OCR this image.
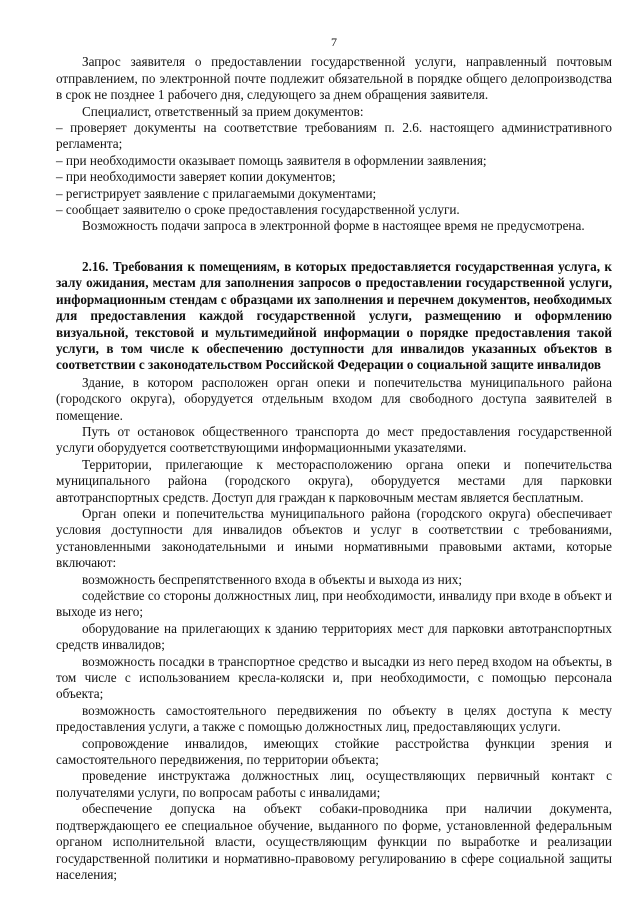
7

Запрос заявителя о предоставлении государственной услуги, направленный почтовым отправлением, по электронной почте подлежит обязательной в порядке общего делопроизводства в срок не позднее 1 рабочего дня, следующего за днем обращения заявителя.

Специалист, ответственный за прием документов:

– проверяет документы на соответствие требованиям п. 2.6. настоящего административного регламента;

– при необходимости оказывает помощь заявителя в оформлении заявления;

– при необходимости заверяет копии документов;

– регистрирует заявление с прилагаемыми документами;

– сообщает заявителю о сроке предоставления государственной услуги.

Возможность подачи запроса в электронной форме в настоящее время не предусмотрена.

2.16. Требования к помещениям, в которых предоставляется государственная услуга, к залу ожидания, местам для заполнения запросов о предоставлении государственной услуги, информационным стендам с образцами их заполнения и перечнем документов, необходимых для предоставления каждой государственной услуги, размещению и оформлению визуальной, текстовой и мультимедийной информации о порядке предоставления такой услуги, в том числе к обеспечению доступности для инвалидов указанных объектов в соответствии с законодательством Российской Федерации о социальной защите инвалидов

Здание, в котором расположен орган опеки и попечительства муниципального района (городского округа), оборудуется отдельным входом для свободного доступа заявителей в помещение.

Путь от остановок общественного транспорта до мест предоставления государственной услуги оборудуется соответствующими информационными указателями.

Территории, прилегающие к месторасположению органа опеки и попечительства муниципального района (городского округа), оборудуется местами для парковки автотранспортных средств. Доступ для граждан к парковочным местам является бесплатным.

Орган опеки и попечительства муниципального района (городского округа) обеспечивает условия доступности для инвалидов объектов и услуг в соответствии с требованиями, установленными законодательными и иными нормативными правовыми актами, которые включают:

возможность беспрепятственного входа в объекты и выхода из них;

содействие со стороны должностных лиц, при необходимости, инвалиду при входе в объект и выходе из него;

оборудование на прилегающих к зданию территориях мест для парковки автотранспортных средств инвалидов;

возможность посадки в транспортное средство и высадки из него перед входом на объекты, в том числе с использованием кресла-коляски и, при необходимости, с помощью персонала объекта;

возможность самостоятельного передвижения по объекту в целях доступа к месту предоставления услуги, а также с помощью должностных лиц, предоставляющих услуги.

сопровождение инвалидов, имеющих стойкие расстройства функции зрения и самостоятельного передвижения, по территории объекта;

проведение инструктажа должностных лиц, осуществляющих первичный контакт с получателями услуги, по вопросам работы с инвалидами;

обеспечение допуска на объект собаки-проводника при наличии документа, подтверждающего ее специальное обучение, выданного по форме, установленной федеральным органом исполнительной власти, осуществляющим функции по выработке и реализации государственной политики и нормативно-правовому регулированию в сфере социальной защиты населения;
